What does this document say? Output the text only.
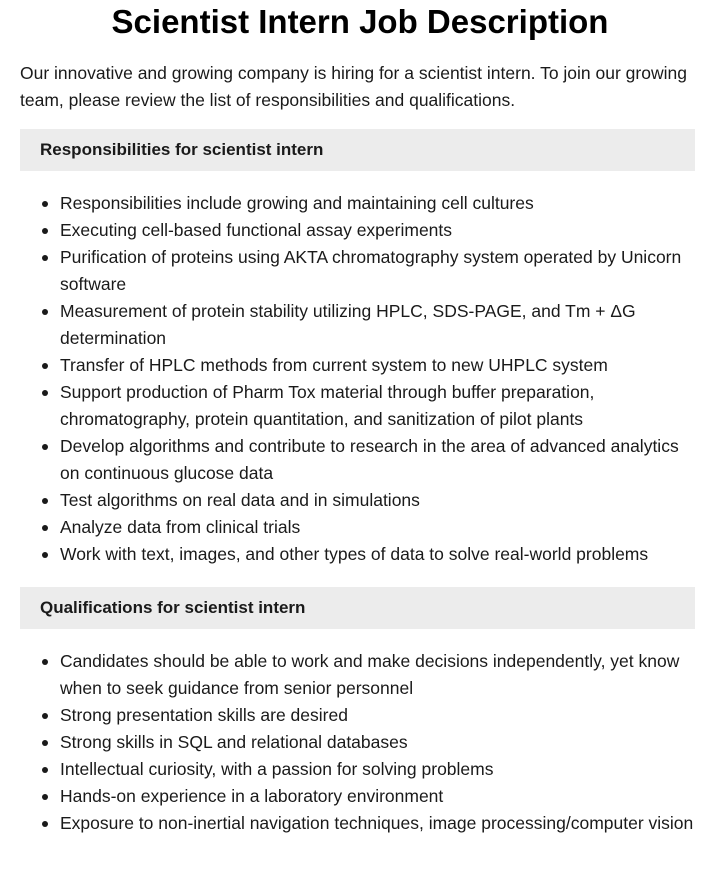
Scientist Intern Job Description

Our innovative and growing company is hiring for a scientist intern. To join our growing team, please review the list of responsibilities and qualifications.

Responsibilities for scientist intern
Responsibilities include growing and maintaining cell cultures
Executing cell-based functional assay experiments
Purification of proteins using AKTA chromatography system operated by Unicorn software
Measurement of protein stability utilizing HPLC, SDS-PAGE, and Tm + ΔG determination
Transfer of HPLC methods from current system to new UHPLC system
Support production of Pharm Tox material through buffer preparation, chromatography, protein quantitation, and sanitization of pilot plants
Develop algorithms and contribute to research in the area of advanced analytics on continuous glucose data
Test algorithms on real data and in simulations
Analyze data from clinical trials
Work with text, images, and other types of data to solve real-world problems
Qualifications for scientist intern
Candidates should be able to work and make decisions independently, yet know when to seek guidance from senior personnel
Strong presentation skills are desired
Strong skills in SQL and relational databases
Intellectual curiosity, with a passion for solving problems
Hands-on experience in a laboratory environment
Exposure to non-inertial navigation techniques, image processing/computer vision
